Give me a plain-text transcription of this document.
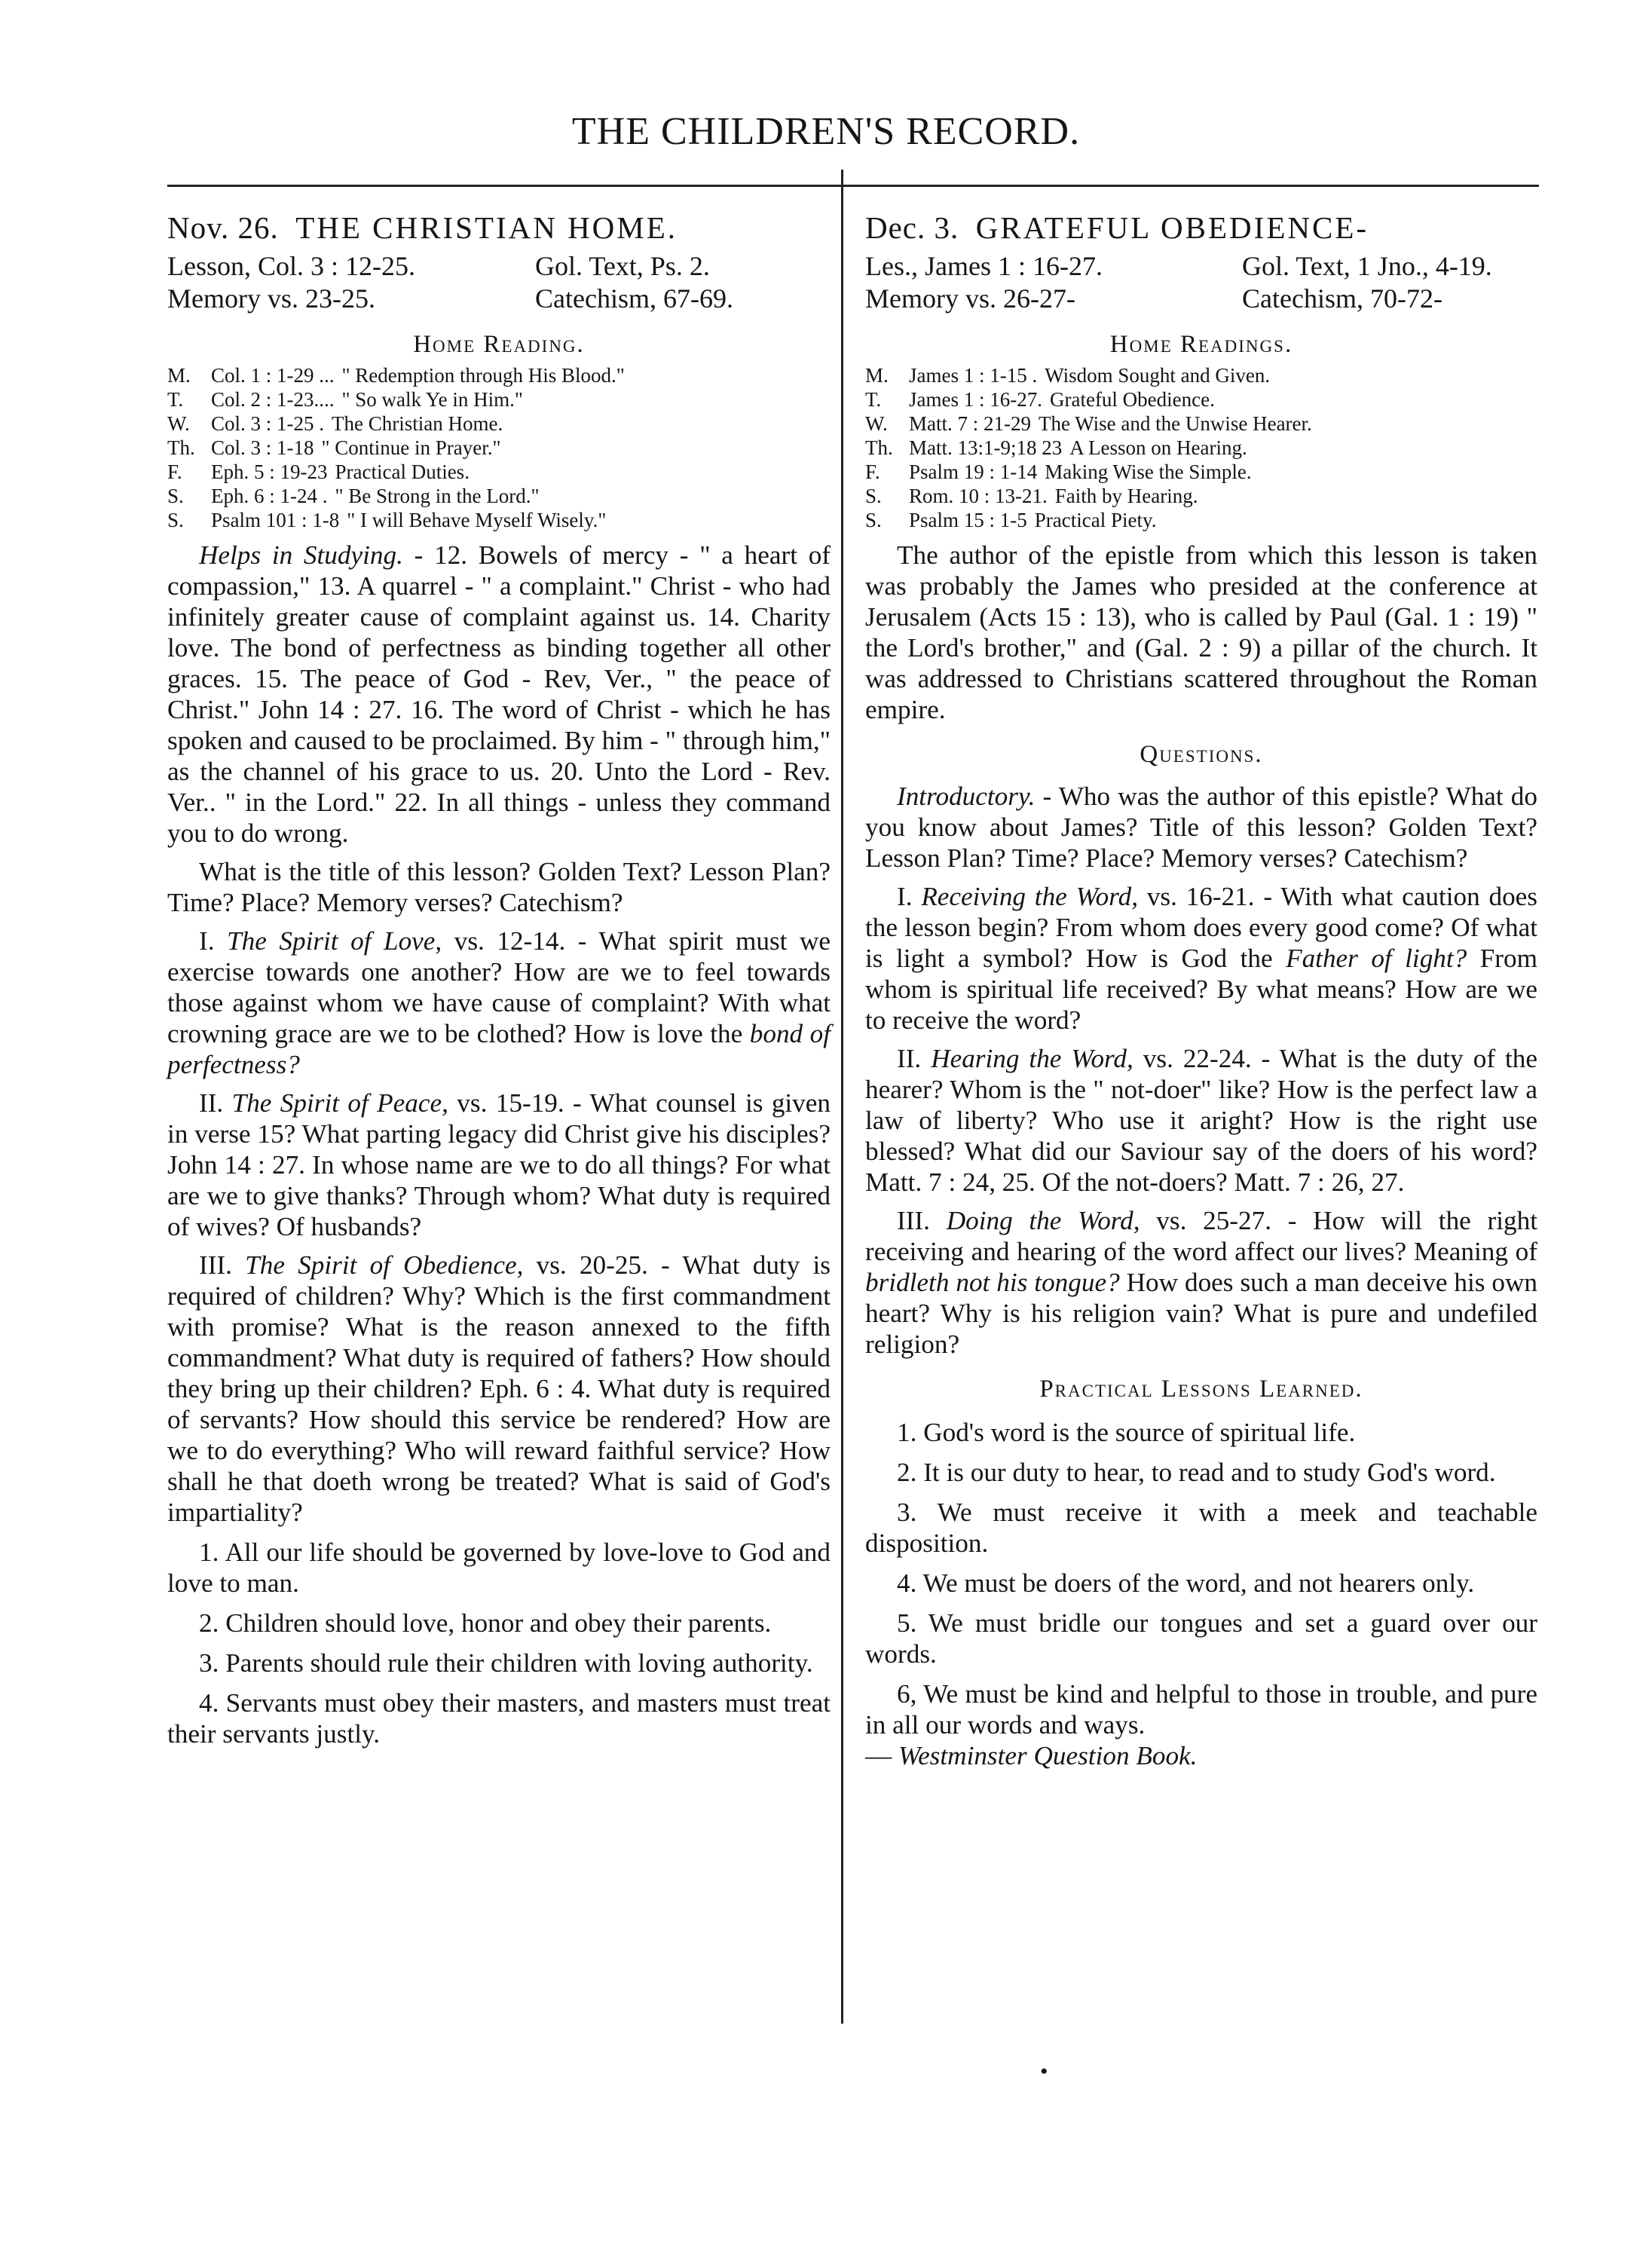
THE CHILDREN'S RECORD.
Nov. 26. THE CHRISTIAN HOME.
Lesson, Col. 3 : 12-25.	Gol. Text, Ps. 2.
Memory vs. 23-25.	Catechism, 67-69.
Home Reading.
M.	Col. 1 : 1-29 ... " Redemption through His Blood."
T.	Col. 2 : 1-23.... " So walk Ye in Him."
W.	Col. 3 : 1-25 . The Christian Home.
Th. Col. 3 : 1-18 " Continue in Prayer."
F.	Eph. 5 : 19-23 Practical Duties.
S.	Eph. 6 : 1-24 . " Be Strong in the Lord."
S.	Psalm 101 : 1-8 " I will Behave Myself Wisely."

Helps in Studying. - 12. Bowels of mercy - " a heart of compassion," 13. A quarrel - " a complaint." Christ - who had infinitely greater cause of complaint against us. 14. Charity love. The bond of perfectness as binding together all other graces. 15. The peace of God - Rev, Ver., " the peace of Christ." John 14 : 27. 16. The word of Christ - which he has spoken and caused to be proclaimed. By him - " through him," as the channel of his grace to us. 20. Unto the Lord - Rev. Ver.. " in the Lord." 22. In all things - unless they command you to do wrong.

What is the title of this lesson? Golden Text? Lesson Plan? Time? Place? Memory verses? Catechism?

I. The Spirit of Love, vs. 12-14. - What spirit must we exercise towards one another? How are we to feel towards those against whom we have cause of complaint? With what crowning grace are we to be clothed? How is love the bond of perfectness?

II. The Spirit of Peace, vs. 15-19. - What counsel is given in verse 15? What parting legacy did Christ give his disciples? John 14 : 27. In whose name are we to do all things? For what are we to give thanks? Through whom? What duty is required of wives? Of husbands?

III. The Spirit of Obedience, vs. 20-25. - What duty is required of children? Why? Which is the first commandment with promise? What is the reason annexed to the fifth commandment? What duty is required of fathers? How should they bring up their children? Eph. 6 : 4. What duty is required of servants? How should this service be rendered? How are we to do everything? Who will reward faithful service? How shall he that doeth wrong be treated? What is said of God's impartiality?

1. All our life should be governed by love-love to God and love to man.

2. Children should love, honor and obey their parents.

3. Parents should rule their children with loving authority.

4. Servants must obey their masters, and masters must treat their servants justly.

Dec. 3. GRATEFUL OBEDIENCE-
Les., James 1 : 16-27.	Gol. Text, 1 Jno., 4-19.
Memory vs. 26-27-	Catechism, 70-72-
Home Readings.
M.	James 1 : 1-15 . Wisdom Sought and Given.
T.	James 1 : 16-27. Grateful Obedience.
W.	Matt. 7 : 21-29 The Wise and the Unwise Hearer.
Th. Matt. 13:1-9;18 23 A Lesson on Hearing.
F.	Psalm 19 : 1-14 Making Wise the Simple.
S.	Rom. 10 : 13-21. Faith by Hearing.
S.	Psalm 15 : 1-5 Practical Piety.

The author of the epistle from which this lesson is taken was probably the James who presided at the conference at Jerusalem (Acts 15 : 13), who is called by Paul (Gal. 1 : 19) " the Lord's brother," and (Gal. 2 : 9) a pillar of the church. It was addressed to Christians scattered throughout the Roman empire.

Questions.

Introductory. - Who was the author of this epistle? What do you know about James? Title of this lesson? Golden Text? Lesson Plan? Time? Place? Memory verses? Catechism?

I. Receiving the Word, vs. 16-21. - With what caution does the lesson begin? From whom does every good come? Of what is light a symbol? How is God the Father of light? From whom is spiritual life received? By what means? How are we to receive the word?

II. Hearing the Word, vs. 22-24. - What is the duty of the hearer? Whom is the " not-doer" like? How is the perfect law a law of liberty? Who use it aright? How is the right use blessed? What did our Saviour say of the doers of his word? Matt. 7 : 24, 25. Of the not-doers? Matt. 7 : 26, 27.

III. Doing the Word, vs. 25-27. - How will the right receiving and hearing of the word affect our lives? Meaning of bridleth not his tongue? How does such a man deceive his own heart? Why is his religion vain? What is pure and undefiled religion?

Practical Lessons Learned.

1. God's word is the source of spiritual life.

2. It is our duty to hear, to read and to study God's word.

3. We must receive it with a meek and teachable disposition.

4. We must be doers of the word, and not hearers only.

5. We must bridle our tongues and set a guard over our words.

6, We must be kind and helpful to those in trouble, and pure in all our words and ways.

— Westminster Question Book.
•
